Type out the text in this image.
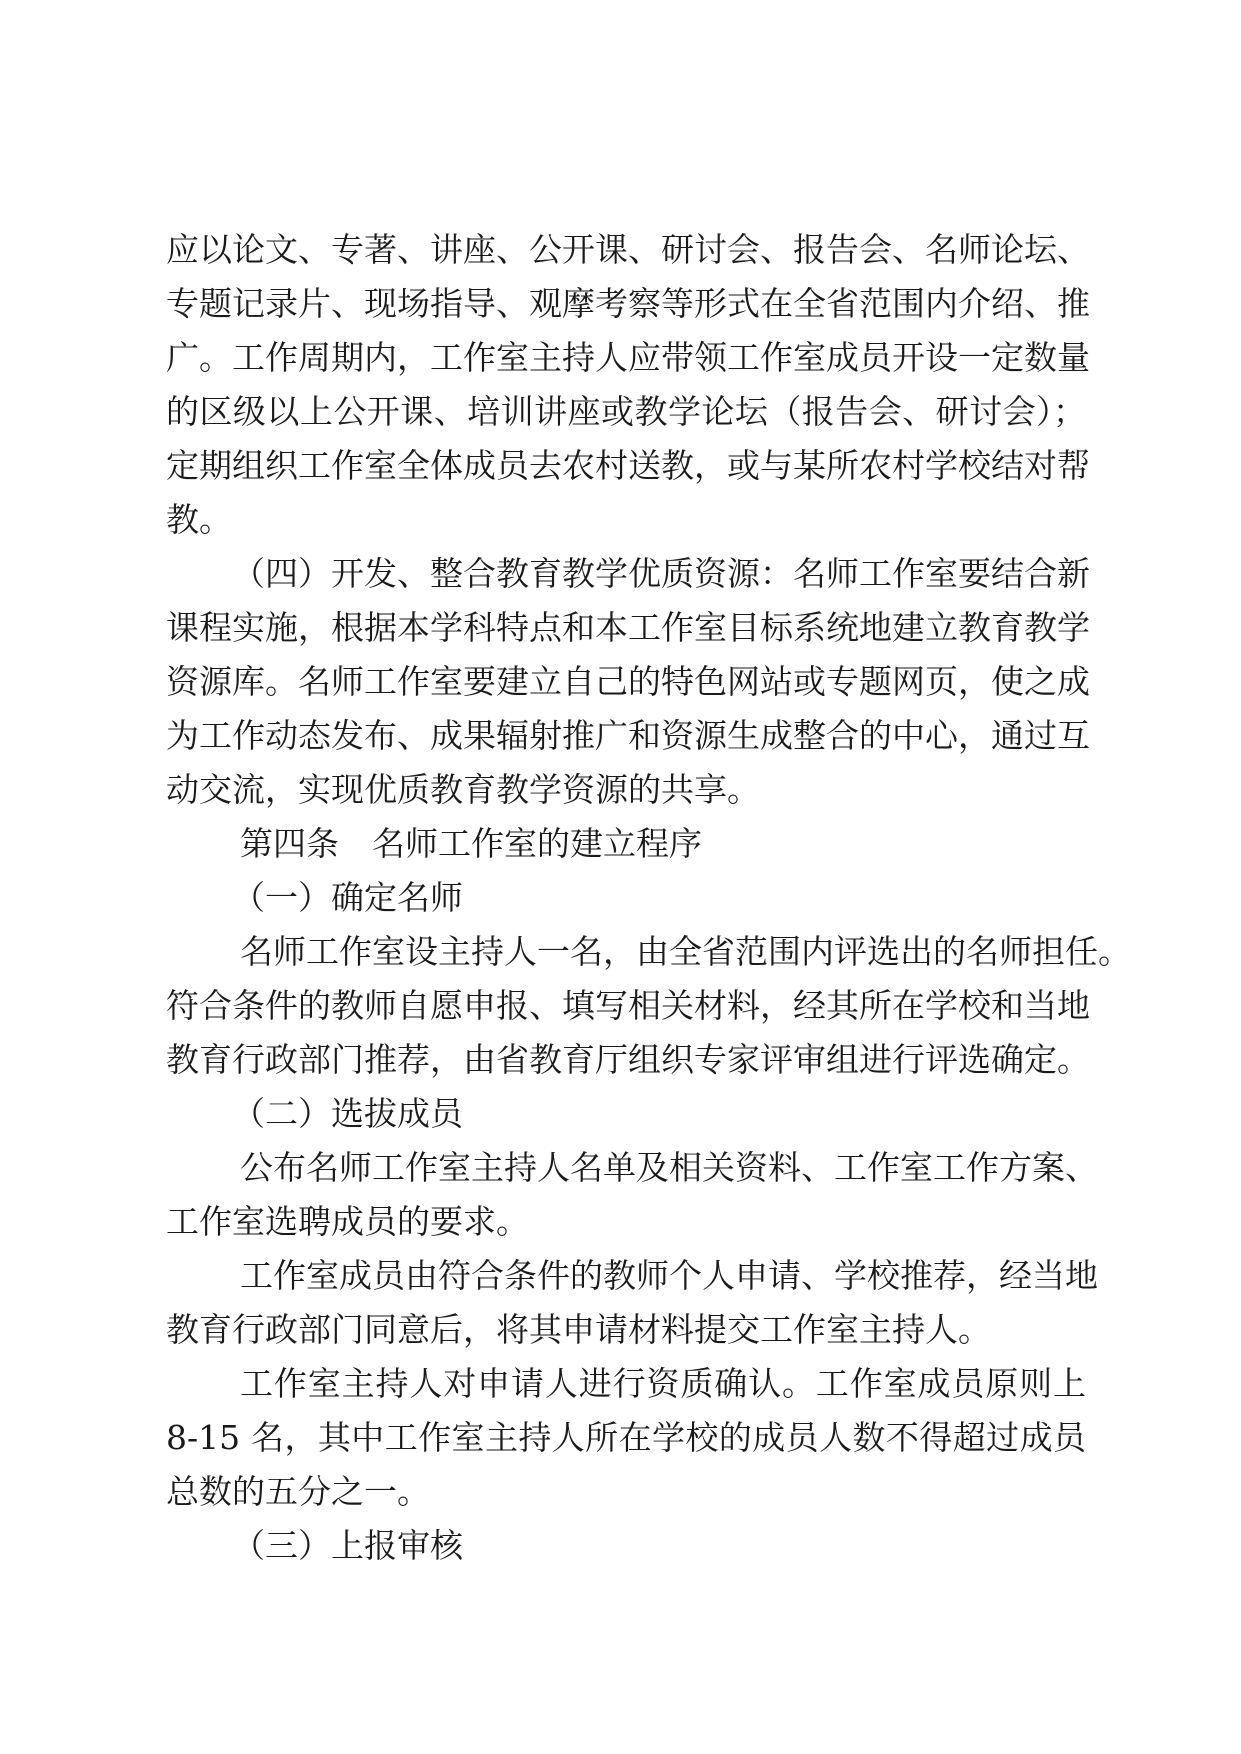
应以论文、专著、讲座、公开课、研讨会、报告会、名师论坛、
专题记录片、现场指导、观摩考察等形式在全省范围内介绍、推
广。工作周期内，工作室主持人应带领工作室成员开设一定数量
的区级以上公开课、培训讲座或教学论坛（报告会、研讨会）；
定期组织工作室全体成员去农村送教，或与某所农村学校结对帮
教。
（四）开发、整合教育教学优质资源：名师工作室要结合新
课程实施，根据本学科特点和本工作室目标系统地建立教育教学
资源库。名师工作室要建立自己的特色网站或专题网页，使之成
为工作动态发布、成果辐射推广和资源生成整合的中心，通过互
动交流，实现优质教育教学资源的共享。
第四条　名师工作室的建立程序
（一）确定名师
名师工作室设主持人一名，由全省范围内评选出的名师担任。
符合条件的教师自愿申报、填写相关材料，经其所在学校和当地
教育行政部门推荐，由省教育厅组织专家评审组进行评选确定。
（二）选拔成员
公布名师工作室主持人名单及相关资料、工作室工作方案、
工作室选聘成员的要求。
工作室成员由符合条件的教师个人申请、学校推荐，经当地
教育行政部门同意后，将其申请材料提交工作室主持人。
工作室主持人对申请人进行资质确认。工作室成员原则上
8-15 名，其中工作室主持人所在学校的成员人数不得超过成员
总数的五分之一。
（三）上报审核
